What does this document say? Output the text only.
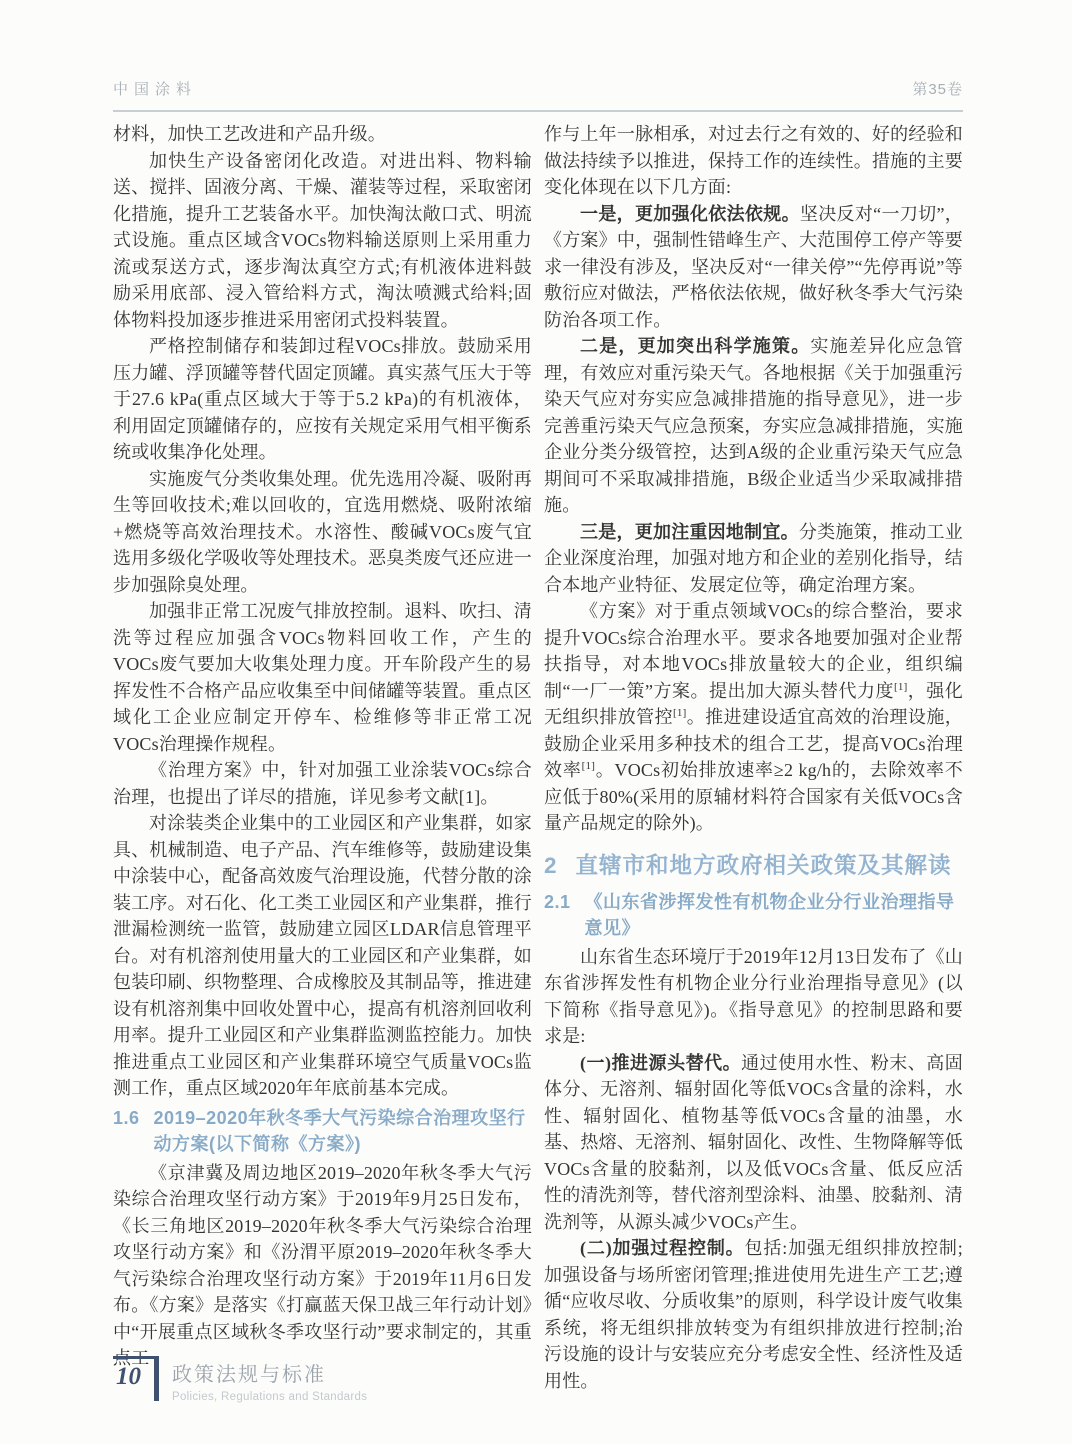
中国涂料	第35卷

材料，加快工艺改进和产品升级。

加快生产设备密闭化改造。对进出料、物料输送、搅拌、固液分离、干燥、灌装等过程，采取密闭化措施，提升工艺装备水平。加快淘汰敞口式、明流式设施。重点区域含VOCs物料输送原则上采用重力流或泵送方式，逐步淘汰真空方式;有机液体进料鼓励采用底部、浸入管给料方式，淘汰喷溅式给料;固体物料投加逐步推进采用密闭式投料装置。

严格控制储存和装卸过程VOCs排放。鼓励采用压力罐、浮顶罐等替代固定顶罐。真实蒸气压大于等于27.6 kPa(重点区域大于等于5.2 kPa)的有机液体，利用固定顶罐储存的，应按有关规定采用气相平衡系统或收集净化处理。

实施废气分类收集处理。优先选用冷凝、吸附再生等回收技术;难以回收的，宜选用燃烧、吸附浓缩+燃烧等高效治理技术。水溶性、酸碱VOCs废气宜选用多级化学吸收等处理技术。恶臭类废气还应进一步加强除臭处理。

加强非正常工况废气排放控制。退料、吹扫、清洗等过程应加强含VOCs物料回收工作，产生的VOCs废气要加大收集处理力度。开车阶段产生的易挥发性不合格产品应收集至中间储罐等装置。重点区域化工企业应制定开停车、检维修等非正常工况VOCs治理操作规程。

《治理方案》中，针对加强工业涂装VOCs综合治理，也提出了详尽的措施，详见参考文献[1]。

对涂装类企业集中的工业园区和产业集群，如家具、机械制造、电子产品、汽车维修等，鼓励建设集中涂装中心，配备高效废气治理设施，代替分散的涂装工序。对石化、化工类工业园区和产业集群，推行泄漏检测统一监管，鼓励建立园区LDAR信息管理平台。对有机溶剂使用量大的工业园区和产业集群，如包装印刷、织物整理、合成橡胶及其制品等，推进建设有机溶剂集中回收处置中心，提高有机溶剂回收利用率。提升工业园区和产业集群监测监控能力。加快推进重点工业园区和产业集群环境空气质量VOCs监测工作，重点区域2020年年底前基本完成。

1.6 2019–2020年秋冬季大气污染综合治理攻坚行动方案(以下简称《方案》)

《京津冀及周边地区2019–2020年秋冬季大气污染综合治理攻坚行动方案》于2019年9月25日发布，《长三角地区2019–2020年秋冬季大气污染综合治理攻坚行动方案》和《汾渭平原2019–2020年秋冬季大气污染综合治理攻坚行动方案》于2019年11月6日发布。《方案》是落实《打赢蓝天保卫战三年行动计划》中“开展重点区域秋冬季攻坚行动”要求制定的，其重点工

作与上年一脉相承，对过去行之有效的、好的经验和做法持续予以推进，保持工作的连续性。措施的主要变化体现在以下几方面:

一是，更加强化依法依规。坚决反对“一刀切”，《方案》中，强制性错峰生产、大范围停工停产等要求一律没有涉及，坚决反对“一律关停”“先停再说”等敷衍应对做法，严格依法依规，做好秋冬季大气污染防治各项工作。

二是，更加突出科学施策。实施差异化应急管理，有效应对重污染天气。各地根据《关于加强重污染天气应对夯实应急减排措施的指导意见》，进一步完善重污染天气应急预案，夯实应急减排措施，实施企业分类分级管控，达到A级的企业重污染天气应急期间可不采取减排措施，B级企业适当少采取减排措施。

三是，更加注重因地制宜。分类施策，推动工业企业深度治理，加强对地方和企业的差别化指导，结合本地产业特征、发展定位等，确定治理方案。

《方案》对于重点领域VOCs的综合整治，要求提升VOCs综合治理水平。要求各地要加强对企业帮扶指导，对本地VOCs排放量较大的企业，组织编制“一厂一策”方案。提出加大源头替代力度[1]，强化无组织排放管控[1]。推进建设适宜高效的治理设施，鼓励企业采用多种技术的组合工艺，提高VOCs治理效率[1]。VOCs初始排放速率≥2 kg/h的，去除效率不应低于80%(采用的原辅材料符合国家有关低VOCs含量产品规定的除外)。

2 直辖市和地方政府相关政策及其解读
2.1 《山东省涉挥发性有机物企业分行业治理指导意见》

山东省生态环境厅于2019年12月13日发布了《山东省涉挥发性有机物企业分行业治理指导意见》(以下简称《指导意见》)。《指导意见》的控制思路和要求是:

(一)推进源头替代。通过使用水性、粉末、高固体分、无溶剂、辐射固化等低VOCs含量的涂料，水性、辐射固化、植物基等低VOCs含量的油墨，水基、热熔、无溶剂、辐射固化、改性、生物降解等低VOCs含量的胶黏剂，以及低VOCs含量、低反应活性的清洗剂等，替代溶剂型涂料、油墨、胶黏剂、清洗剂等，从源头减少VOCs产生。

(二)加强过程控制。包括:加强无组织排放控制;加强设备与场所密闭管理;推进使用先进生产工艺;遵循“应收尽收、分质收集”的原则，科学设计废气收集系统，将无组织排放转变为有组织排放进行控制;治污设施的设计与安装应充分考虑安全性、经济性及适用性。

10	政策法规与标准
Policies, Regulations and Standards
